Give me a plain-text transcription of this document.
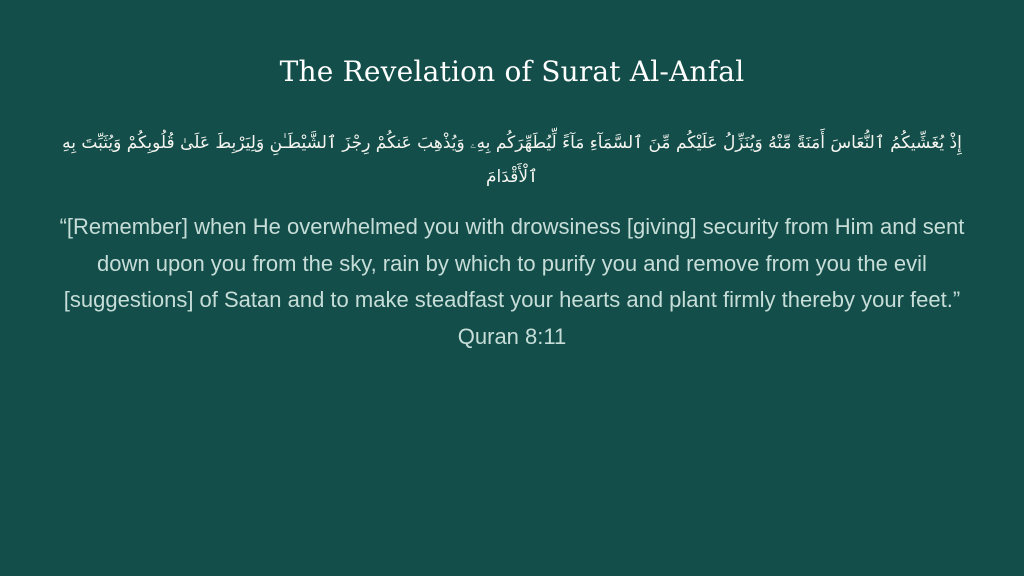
The Revelation of Surat Al-Anfal
إِذْ يُغَشِّيكُمُ ٱلنُّعَاسَ أَمَنَةً مِّنْهُ وَيُنَزِّلُ عَلَيْكُم مِّنَ ٱلسَّمَآءِ مَآءً لِّيُطَهِّرَكُم بِهِۦ وَيُذْهِبَ عَنكُمْ رِجْزَ ٱلشَّيْطَـٰنِ وَلِيَرْبِطَ عَلَىٰ قُلُوبِكُمْ وَيُثَبِّتَ بِهِ ٱلْأَقْدَامَ
“[Remember] when He overwhelmed you with drowsiness [giving] security from Him and sent down upon you from the sky, rain by which to purify you and remove from you the evil [suggestions] of Satan and to make steadfast your hearts and plant firmly thereby your feet.” Quran 8:11
